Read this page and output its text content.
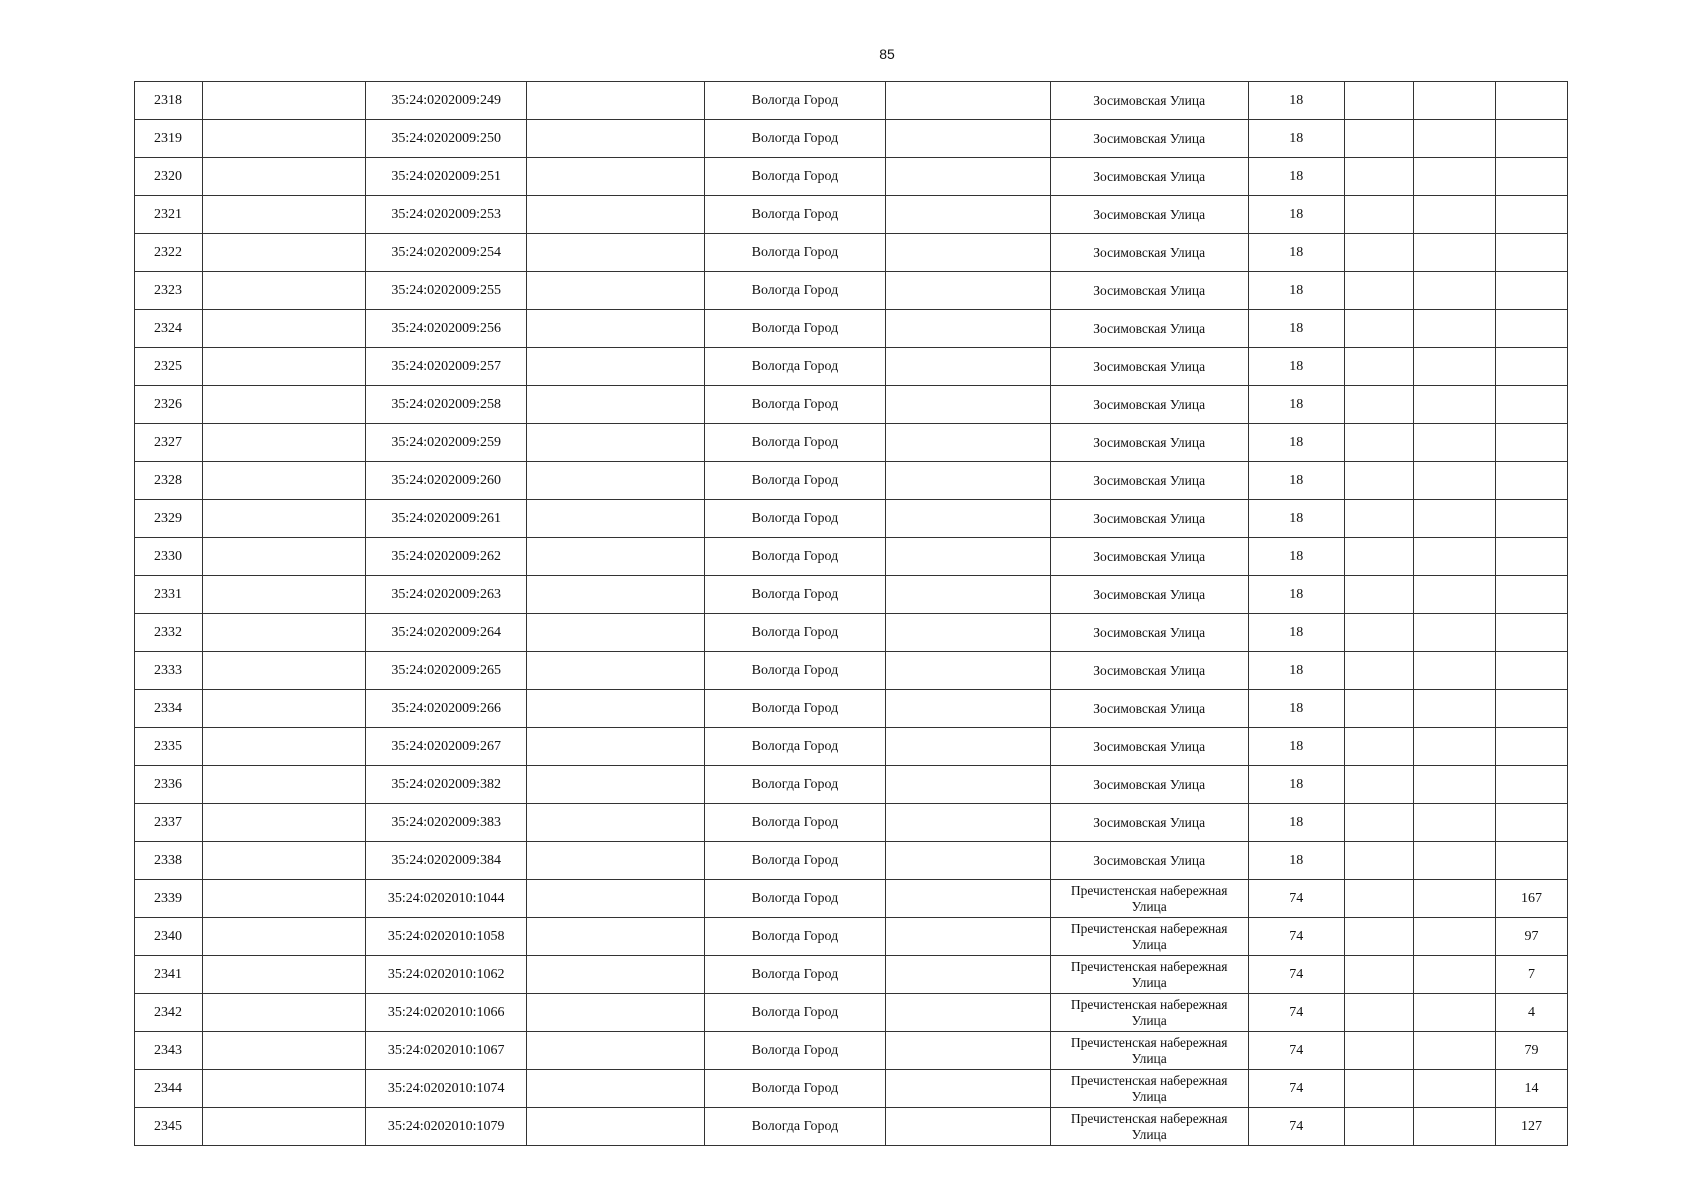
85
2318		35:24:0202009:249		Вологда Город		Зосимовская Улица	18			
2319		35:24:0202009:250		Вологда Город		Зосимовская Улица	18			
2320		35:24:0202009:251		Вологда Город		Зосимовская Улица	18			
2321		35:24:0202009:253		Вологда Город		Зосимовская Улица	18			
2322		35:24:0202009:254		Вологда Город		Зосимовская Улица	18			
2323		35:24:0202009:255		Вологда Город		Зосимовская Улица	18			
2324		35:24:0202009:256		Вологда Город		Зосимовская Улица	18			
2325		35:24:0202009:257		Вологда Город		Зосимовская Улица	18			
2326		35:24:0202009:258		Вологда Город		Зосимовская Улица	18			
2327		35:24:0202009:259		Вологда Город		Зосимовская Улица	18			
2328		35:24:0202009:260		Вологда Город		Зосимовская Улица	18			
2329		35:24:0202009:261		Вологда Город		Зосимовская Улица	18			
2330		35:24:0202009:262		Вологда Город		Зосимовская Улица	18			
2331		35:24:0202009:263		Вологда Город		Зосимовская Улица	18			
2332		35:24:0202009:264		Вологда Город		Зосимовская Улица	18			
2333		35:24:0202009:265		Вологда Город		Зосимовская Улица	18			
2334		35:24:0202009:266		Вологда Город		Зосимовская Улица	18			
2335		35:24:0202009:267		Вологда Город		Зосимовская Улица	18			
2336		35:24:0202009:382		Вологда Город		Зосимовская Улица	18			
2337		35:24:0202009:383		Вологда Город		Зосимовская Улица	18			
2338		35:24:0202009:384		Вологда Город		Зосимовская Улица	18			
2339		35:24:0202010:1044		Вологда Город		Пречистенская набережная Улица	74			167
2340		35:24:0202010:1058		Вологда Город		Пречистенская набережная Улица	74			97
2341		35:24:0202010:1062		Вологда Город		Пречистенская набережная Улица	74			7
2342		35:24:0202010:1066		Вологда Город		Пречистенская набережная Улица	74			4
2343		35:24:0202010:1067		Вологда Город		Пречистенская набережная Улица	74			79
2344		35:24:0202010:1074		Вологда Город		Пречистенская набережная Улица	74			14
2345		35:24:0202010:1079		Вологда Город		Пречистенская набережная Улица	74			127
